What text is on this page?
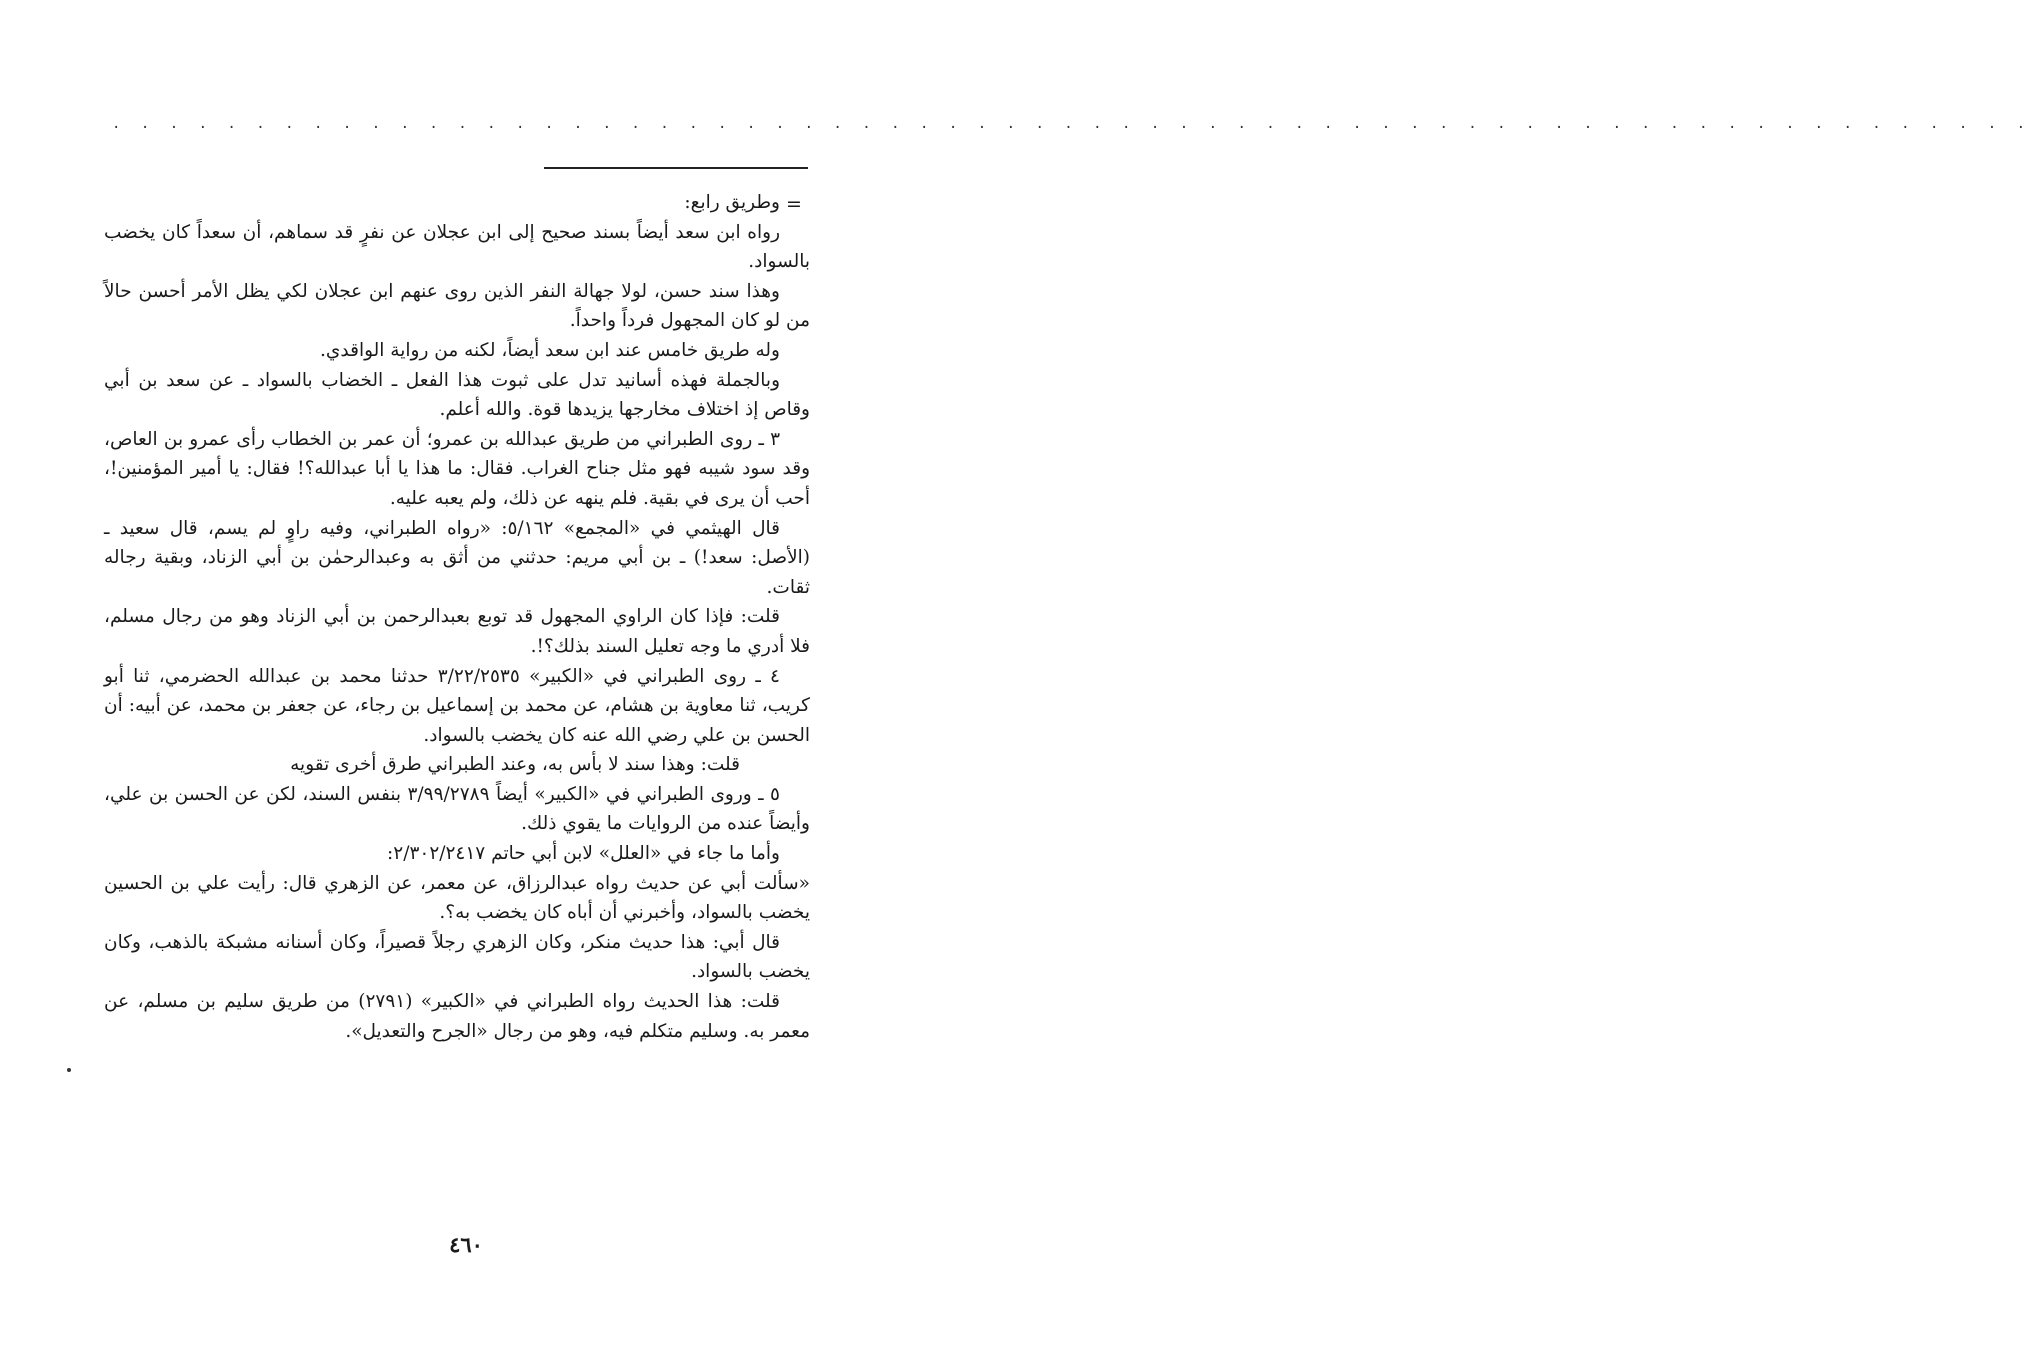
. . . . . . . . . . . . . . . . . . . . . . . . . . . . . . . . . . . . . . . . . . . . . . . . . . . . . . . . . . . . . . . . . . .
=

وطريق رابع:

رواه ابن سعد أيضاً بسند صحيح إلى ابن عجلان عن نفرٍ قد سماهم، أن سعداً كان يخضب بالسواد.

وهذا سند حسن، لولا جهالة النفر الذين روى عنهم ابن عجلان لكي يظل الأمر أحسن حالاً من لو كان المجهول فرداً واحداً.

وله طريق خامس عند ابن سعد أيضاً، لكنه من رواية الواقدي.

وبالجملة فهذه أسانيد تدل على ثبوت هذا الفعل ـ الخضاب بالسواد ـ عن سعد بن أبي وقاص إذ اختلاف مخارجها يزيدها قوة. والله أعلم.

٣ ـ روى الطبراني من طريق عبدالله بن عمرو؛ أن عمر بن الخطاب رأى عمرو بن العاص، وقد سود شيبه فهو مثل جناح الغراب. فقال: ما هذا يا أبا عبدالله؟! فقال: يا أمير المؤمنين!، أحب أن يرى في بقية. فلم ينهه عن ذلك، ولم يعبه عليه.

قال الهيثمي في «المجمع» ٥/١٦٢: «رواه الطبراني، وفيه راوٍ لم يسم، قال سعيد ـ (الأصل: سعد!) ـ بن أبي مريم: حدثني من أثق به وعبدالرحمٰن بن أبي الزناد، وبقية رجاله ثقات.

قلت: فإذا كان الراوي المجهول قد توبع بعبدالرحمن بن أبي الزناد وهو من رجال مسلم، فلا أدري ما وجه تعليل السند بذلك؟!.

٤ ـ روى الطبراني في «الكبير» ٣/٢٢/٢٥٣٥ حدثنا محمد بن عبدالله الحضرمي، ثنا أبو كريب، ثنا معاوية بن هشام، عن محمد بن إسماعيل بن رجاء، عن جعفر بن محمد، عن أبيه: أن الحسن بن علي رضي الله عنه كان يخضب بالسواد.

قلت: وهذا سند لا بأس به، وعند الطبراني طرق أخرى تقويه

٥ ـ وروى الطبراني في «الكبير» أيضاً ٣/٩٩/٢٧٨٩ بنفس السند، لكن عن الحسن بن علي، وأيضاً عنده من الروايات ما يقوي ذلك.

وأما ما جاء في «العلل» لابن أبي حاتم ٢/٣٠٢/٢٤١٧:

«سألت أبي عن حديث رواه عبدالرزاق، عن معمر، عن الزهري قال: رأيت علي بن الحسين يخضب بالسواد، وأخبرني أن أباه كان يخضب به؟.

قال أبي: هذا حديث منكر، وكان الزهري رجلاً قصيراً، وكان أسنانه مشبكة بالذهب، وكان يخضب بالسواد.

قلت: هذا الحديث رواه الطبراني في «الكبير» (٢٧٩١) من طريق سليم بن مسلم، عن معمر به. وسليم متكلم فيه، وهو من رجال «الجرح والتعديل».

٤٦٠
